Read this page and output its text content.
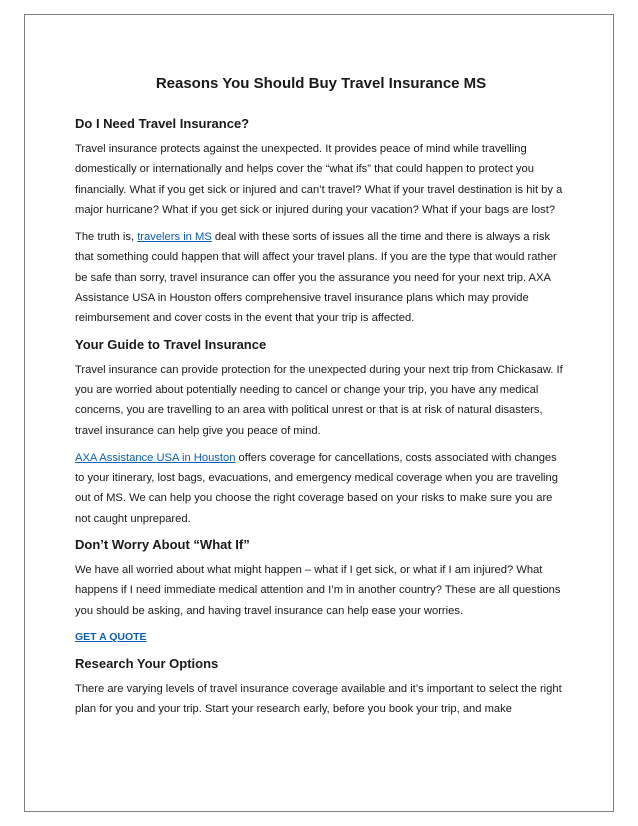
Reasons You Should Buy Travel Insurance MS
Do I Need Travel Insurance?

Travel insurance protects against the unexpected. It provides peace of mind while travelling domestically or internationally and helps cover the “what ifs” that could happen to protect you financially. What if you get sick or injured and can’t travel? What if your travel destination is hit by a major hurricane? What if you get sick or injured during your vacation? What if your bags are lost?

The truth is, travelers in MS deal with these sorts of issues all the time and there is always a risk that something could happen that will affect your travel plans. If you are the type that would rather be safe than sorry, travel insurance can offer you the assurance you need for your next trip. AXA Assistance USA in Houston offers comprehensive travel insurance plans which may provide reimbursement and cover costs in the event that your trip is affected.

Your Guide to Travel Insurance

Travel insurance can provide protection for the unexpected during your next trip from Chickasaw. If you are worried about potentially needing to cancel or change your trip, you have any medical concerns, you are travelling to an area with political unrest or that is at risk of natural disasters, travel insurance can help give you peace of mind.

AXA Assistance USA in Houston offers coverage for cancellations, costs associated with changes to your itinerary, lost bags, evacuations, and emergency medical coverage when you are traveling out of MS. We can help you choose the right coverage based on your risks to make sure you are not caught unprepared.

Don’t Worry About “What If”

We have all worried about what might happen – what if I get sick, or what if I am injured? What happens if I need immediate medical attention and I’m in another country? These are all questions you should be asking, and having travel insurance can help ease your worries.

GET A QUOTE
Research Your Options

There are varying levels of travel insurance coverage available and it’s important to select the right plan for you and your trip. Start your research early, before you book your trip, and make
